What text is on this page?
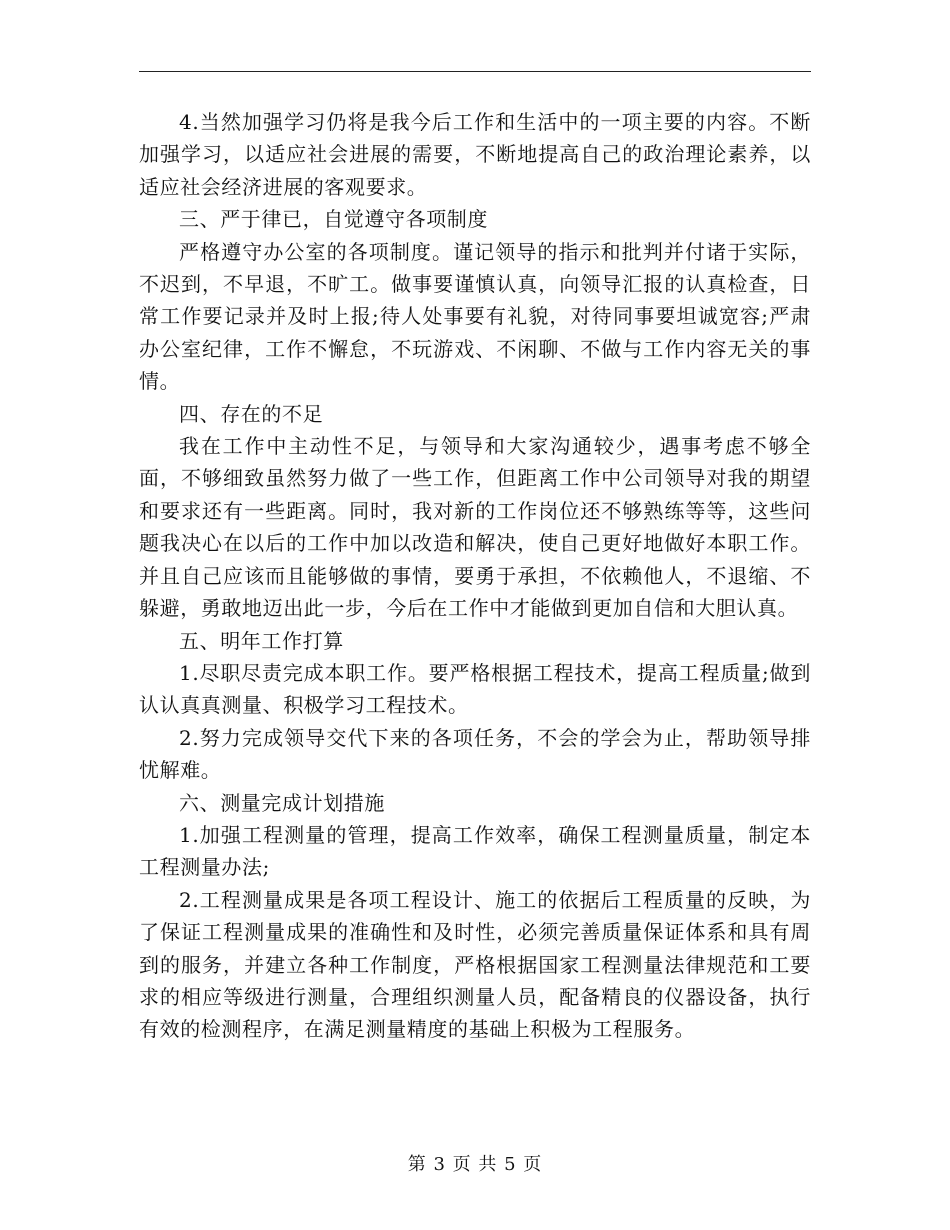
4.当然加强学习仍将是我今后工作和生活中的一项主要的内容。不断加强学习，以适应社会进展的需要，不断地提高自己的政治理论素养，以适应社会经济进展的客观要求。

三、严于律已，自觉遵守各项制度

严格遵守办公室的各项制度。谨记领导的指示和批判并付诸于实际，不迟到，不早退，不旷工。做事要谨慎认真，向领导汇报的认真检查，日常工作要记录并及时上报;待人处事要有礼貌，对待同事要坦诚宽容;严肃办公室纪律，工作不懈怠，不玩游戏、不闲聊、不做与工作内容无关的事情。

四、存在的不足

我在工作中主动性不足，与领导和大家沟通较少，遇事考虑不够全面，不够细致虽然努力做了一些工作，但距离工作中公司领导对我的期望和要求还有一些距离。同时，我对新的工作岗位还不够熟练等等，这些问题我决心在以后的工作中加以改造和解决，使自己更好地做好本职工作。并且自己应该而且能够做的事情，要勇于承担，不依赖他人，不退缩、不躲避，勇敢地迈出此一步，今后在工作中才能做到更加自信和大胆认真。

五、明年工作打算

1.尽职尽责完成本职工作。要严格根据工程技术，提高工程质量;做到认认真真测量、积极学习工程技术。

2.努力完成领导交代下来的各项任务，不会的学会为止，帮助领导排忧解难。

六、测量完成计划措施

1.加强工程测量的管理，提高工作效率，确保工程测量质量，制定本工程测量办法;

2.工程测量成果是各项工程设计、施工的依据后工程质量的反映，为了保证工程测量成果的准确性和及时性，必须完善质量保证体系和具有周到的服务，并建立各种工作制度，严格根据国家工程测量法律规范和工要求的相应等级进行测量，合理组织测量人员，配备精良的仪器设备，执行有效的检测程序，在满足测量精度的基础上积极为工程服务。

第 3 页 共 5 页
